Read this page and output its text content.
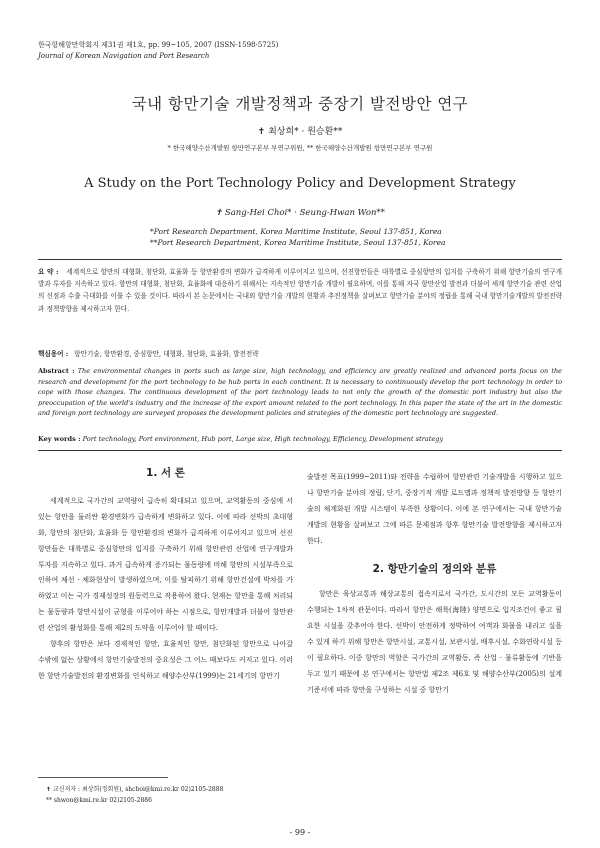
한국항해항만학회지 제31권 제1호, pp. 99~105, 2007 (ISSN-1598-5725)
Journal of Korean Navigation and Port Research
국내 항만기술 개발정책과 중장기 발전방안 연구
✝ 최상희* · 원승환**
* 한국해양수산개발원 항만연구본부 부연구위원, ** 한국해양수산개발원 항만연구본부 연구원
A Study on the Port Technology Policy and Development Strategy
✝ Sang-Hei Choi* · Seung-Hwan Won**
*Port Research Department, Korea Maritime Institute, Seoul 137-851, Korea
**Port Research Department, Korea Maritime Institute, Seoul 137-851, Korea
요 약 : 세계적으로 항만의 대형화, 첨단화, 효율화 등 항만환경의 변화가 급격하게 이루어지고 있으며, 선진항만들은 대륙별로 중심항만의 입지를 구축하기 위해 항만기술의 연구개발과 투자를 지속하고 있다. 항만의 대형화, 첨단화, 효율화에 대응하기 위해서는 지속적인 항만기술 개발이 필요하며, 이를 통해 자국 항만산업 발전과 더불어 세계 항만기술 관련 산업의 선점과 수출 극대화를 이룰 수 있을 것이다. 따라서 본 논문에서는 국내외 항만기술 개발의 현황과 추진정책을 살펴보고 항만기술 분야의 정립을 통해 국내 항만기술개발의 발전전략과 정책방향을 제시하고자 한다.
핵심용어 : 항만기술, 항만환경, 중심항만, 대형화, 첨단화, 효율화, 발전전략
Abstract : The environmental changes in ports such as large size, high technology, and efficiency are greatly realized and advanced ports focus on the research and development for the port technology to be hub ports in each continent. It is necessary to continuously develop the port technology in order to cope with those changes. The continuous development of the port technology leads to not only the growth of the domestic port industry but also the preoccupation of the world's industry and the increase of the export amount related to the port technology. In this paper the state of the art in the domestic and foreign port technology are surveyed proposes the development policies and strategies of the domestic port technology are suggested.
Key words : Port technology, Port environment, Hub port, Large size, High technology, Efficiency, Development strategy
1. 서 론

세계적으로 국가간의 교역량이 급속히 확대되고 있으며, 교역활동의 중심에 서 있는 항만을 둘러싼 환경변화가 급속하게 변화하고 있다. 이에 따라 선박의 초대형화, 항만의 첨단화, 효율화 등 항만환경의 변화가 급격하게 이루어지고 있으며 선진항만들은 대륙별로 중심항만의 입지를 구축하기 위해 항만관련 산업에 연구개발과 투자를 지속하고 있다. 과거 급속하게 증가되는 물동량에 비해 항만의 시설부족으로 인하여 체선 · 체화현상이 발생하였으며, 이를 탈피하기 위해 항만건설에 박차를 가하였고 이는 국가 경제성장의 원동력으로 작용하여 왔다. 현재는 항만을 통해 처리되는 물동량과 항만시설이 균형을 이루어야 하는 시점으로, 항만개발과 더불어 항만관련 산업의 활성화를 통해 제2의 도약을 이루어야 할 때이다.

향후의 항만은 보다 경제적인 항만, 효율적인 항만, 첨단화된 항만으로 나아갈 수밖에 없는 상황에서 항만기술발전의 중요성은 그 어느 때보다도 커지고 있다. 이러한 항만기술발전의 환경변화를 인식하고 해양수산부(1999)는 21세기의 항만기

술발전 목표(1999~2011)와 전략을 수립하여 항만관련 기술개발을 시행하고 있으나 항만기술 분야의 정립, 단기, 중장기적 개발 로드맵과 정책적 발전방향 등 항만기술의 체계화된 개발 시스템이 부족한 상황이다. 이에 본 연구에서는 국내 항만기술 개발의 현황을 살펴보고 그에 따른 문제점과 향후 항만기술 발전방향을 제시하고자 한다.

2. 항만기술의 정의와 분류

항만은 육상교통과 해상교통의 접속지로서 국가간, 도시간의 모든 교역활동이 수행되는 1차적 관문이다. 따라서 항만은 해륙(海陸) 양면으로 입지조건이 좋고 필요한 시설을 갖추어야 한다. 선박이 안전하게 정박하여 여객과 화물을 내리고 실을 수 있게 하기 위해 항만은 항만시설, 교통시설, 보관시설, 배후시설, 수화연락시설 등이 필요하다. 이중 항만의 역할은 국가간의 교역활동, 즉 산업 · 물류활동에 기반을 두고 있기 때문에 본 연구에서는 항만법 제2조 제6호 및 해양수산부(2005)의 설계기준서에 따라 항만을 구성하는 시설 중 항만기

✝ 교신저자 : 최상희(정회원), shchoi@kmi.re.kr 02)2105-2888
** shwon@kmi.re.kr 02)2105-2886
- 99 -
